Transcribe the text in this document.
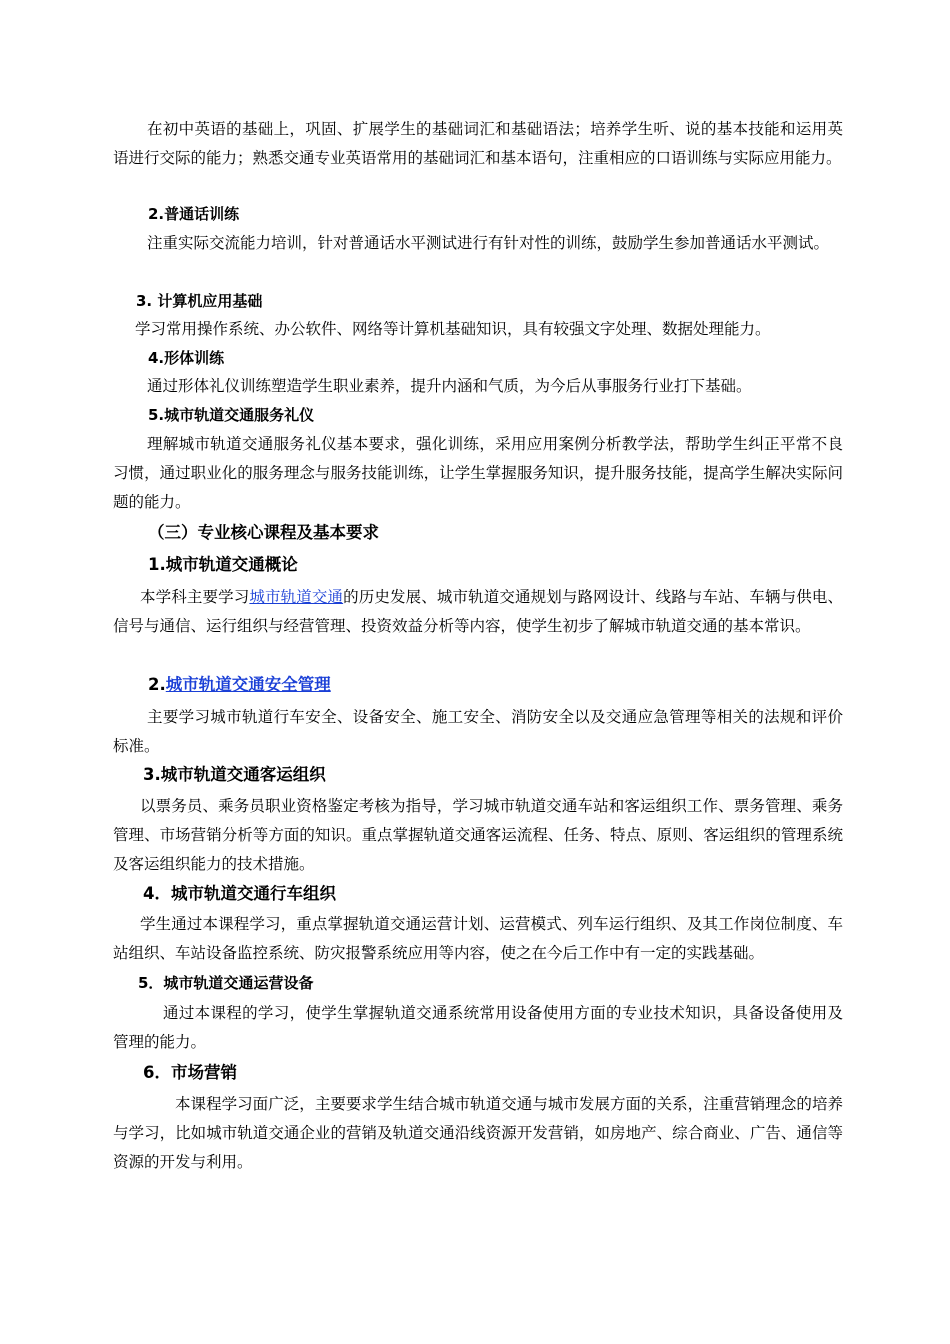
在初中英语的基础上，巩固、扩展学生的基础词汇和基础语法；培养学生听、说的基本技能和运用英语进行交际的能力；熟悉交通专业英语常用的基础词汇和基本语句，注重相应的口语训练与实际应用能力。

2.普通话训练

注重实际交流能力培训，针对普通话水平测试进行有针对性的训练，鼓励学生参加普通话水平测试。

3. 计算机应用基础

学习常用操作系统、办公软件、网络等计算机基础知识，具有较强文字处理、数据处理能力。

4.形体训练

通过形体礼仪训练塑造学生职业素养，提升内涵和气质，为今后从事服务行业打下基础。

5.城市轨道交通服务礼仪

理解城市轨道交通服务礼仪基本要求，强化训练，采用应用案例分析教学法，帮助学生纠正平常不良习惯，通过职业化的服务理念与服务技能训练，让学生掌握服务知识，提升服务技能，提高学生解决实际问题的能力。

（三）专业核心课程及基本要求
1.城市轨道交通概论

本学科主要学习城市轨道交通的历史发展、城市轨道交通规划与路网设计、线路与车站、车辆与供电、信号与通信、运行组织与经营管理、投资效益分析等内容，使学生初步了解城市轨道交通的基本常识。

2.城市轨道交通安全管理

主要学习城市轨道行车安全、设备安全、施工安全、消防安全以及交通应急管理等相关的法规和评价标准。

3.城市轨道交通客运组织

以票务员、乘务员职业资格鉴定考核为指导，学习城市轨道交通车站和客运组织工作、票务管理、乘务管理、市场营销分析等方面的知识。重点掌握轨道交通客运流程、任务、特点、原则、客运组织的管理系统及客运组织能力的技术措施。

4．城市轨道交通行车组织

学生通过本课程学习，重点掌握轨道交通运营计划、运营模式、列车运行组织、及其工作岗位制度、车站组织、车站设备监控系统、防灾报警系统应用等内容，使之在今后工作中有一定的实践基础。

5．城市轨道交通运营设备

通过本课程的学习，使学生掌握轨道交通系统常用设备使用方面的专业技术知识，具备设备使用及管理的能力。

6．市场营销

本课程学习面广泛，主要要求学生结合城市轨道交通与城市发展方面的关系，注重营销理念的培养与学习，比如城市轨道交通企业的营销及轨道交通沿线资源开发营销，如房地产、综合商业、广告、通信等资源的开发与利用。
